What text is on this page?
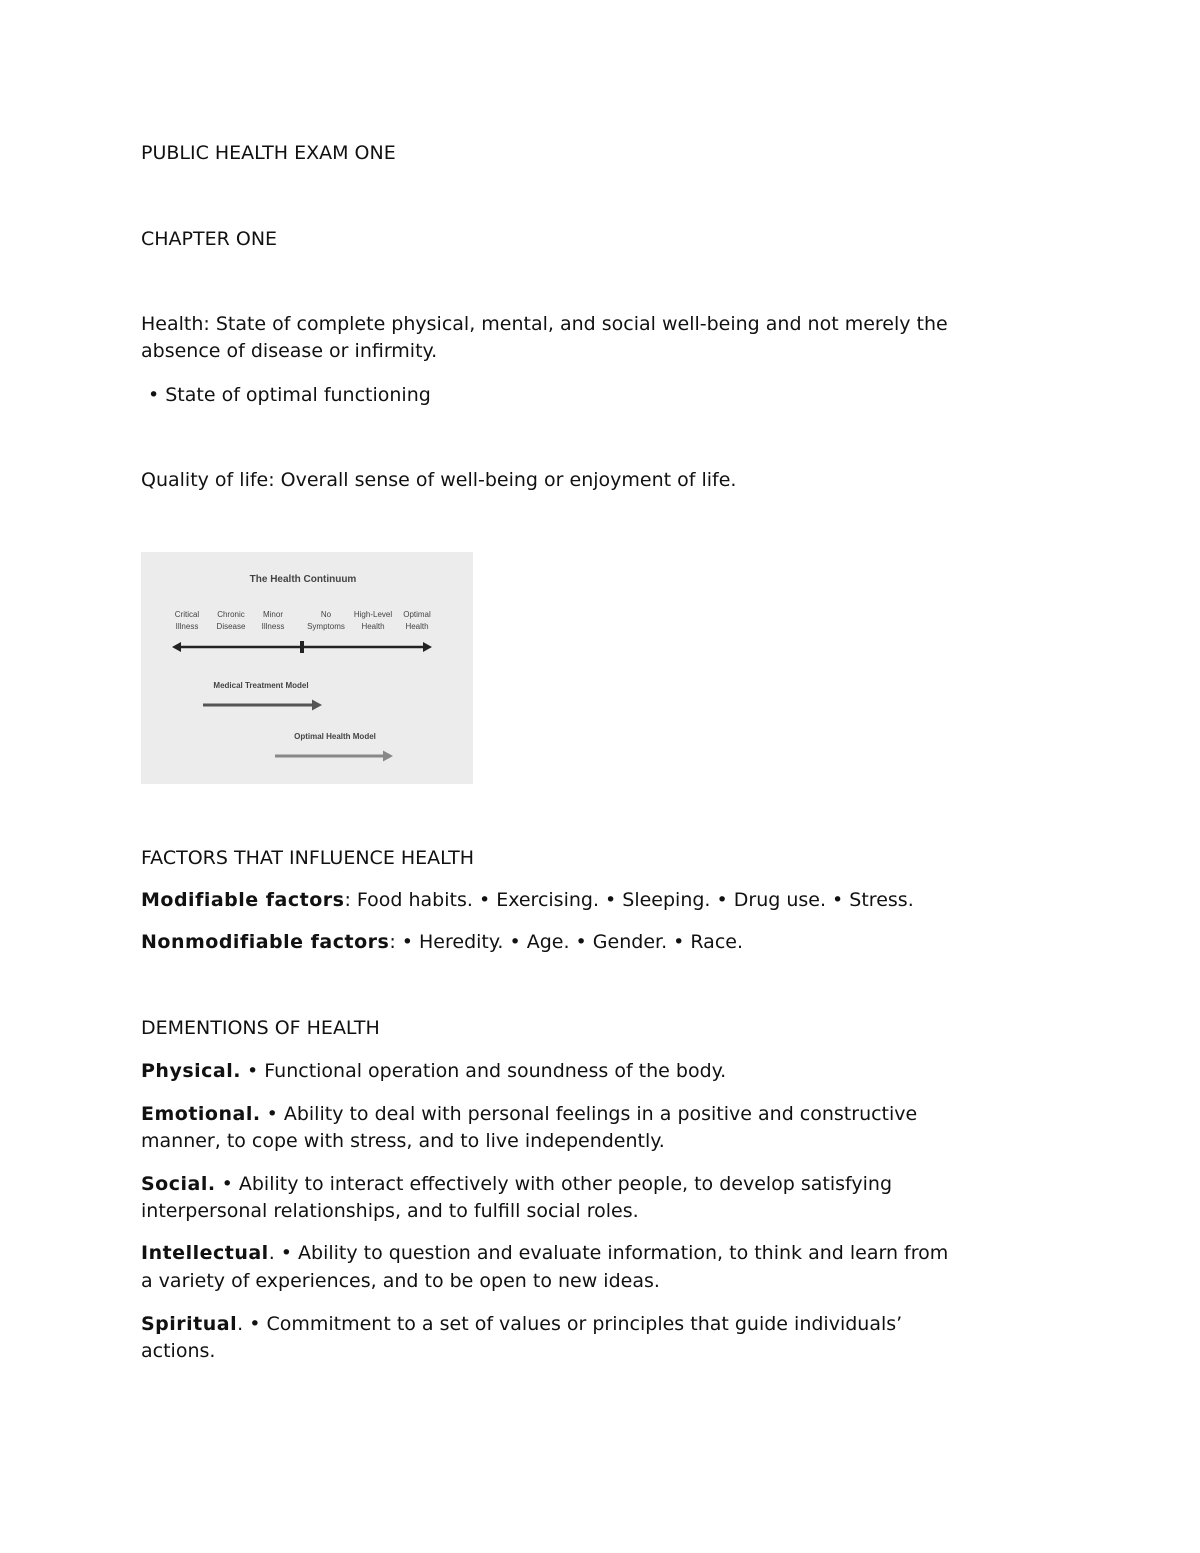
PUBLIC HEALTH EXAM ONE
CHAPTER ONE
Health: State of complete physical, mental, and social well-being and not merely the
absence of disease or infirmity.
• State of optimal functioning
Quality of life: Overall sense of well-being or enjoyment of life.
The Health Continuum
Critical
Illness
Chronic
Disease
Minor
Illness
No
Symptoms
High-Level
Health
Optimal
Health
Medical Treatment Model
Optimal Health Model
FACTORS THAT INFLUENCE HEALTH
Modifiable factors: Food habits. • Exercising. • Sleeping. • Drug use. • Stress.
Nonmodifiable factors: • Heredity. • Age. • Gender. • Race.
DEMENTIONS OF HEALTH
Physical. • Functional operation and soundness of the body.
Emotional. • Ability to deal with personal feelings in a positive and constructive
manner, to cope with stress, and to live independently.
Social. • Ability to interact effectively with other people, to develop satisfying
interpersonal relationships, and to fulfill social roles.
Intellectual. • Ability to question and evaluate information, to think and learn from
a variety of experiences, and to be open to new ideas.
Spiritual. • Commitment to a set of values or principles that guide individuals’
actions.
